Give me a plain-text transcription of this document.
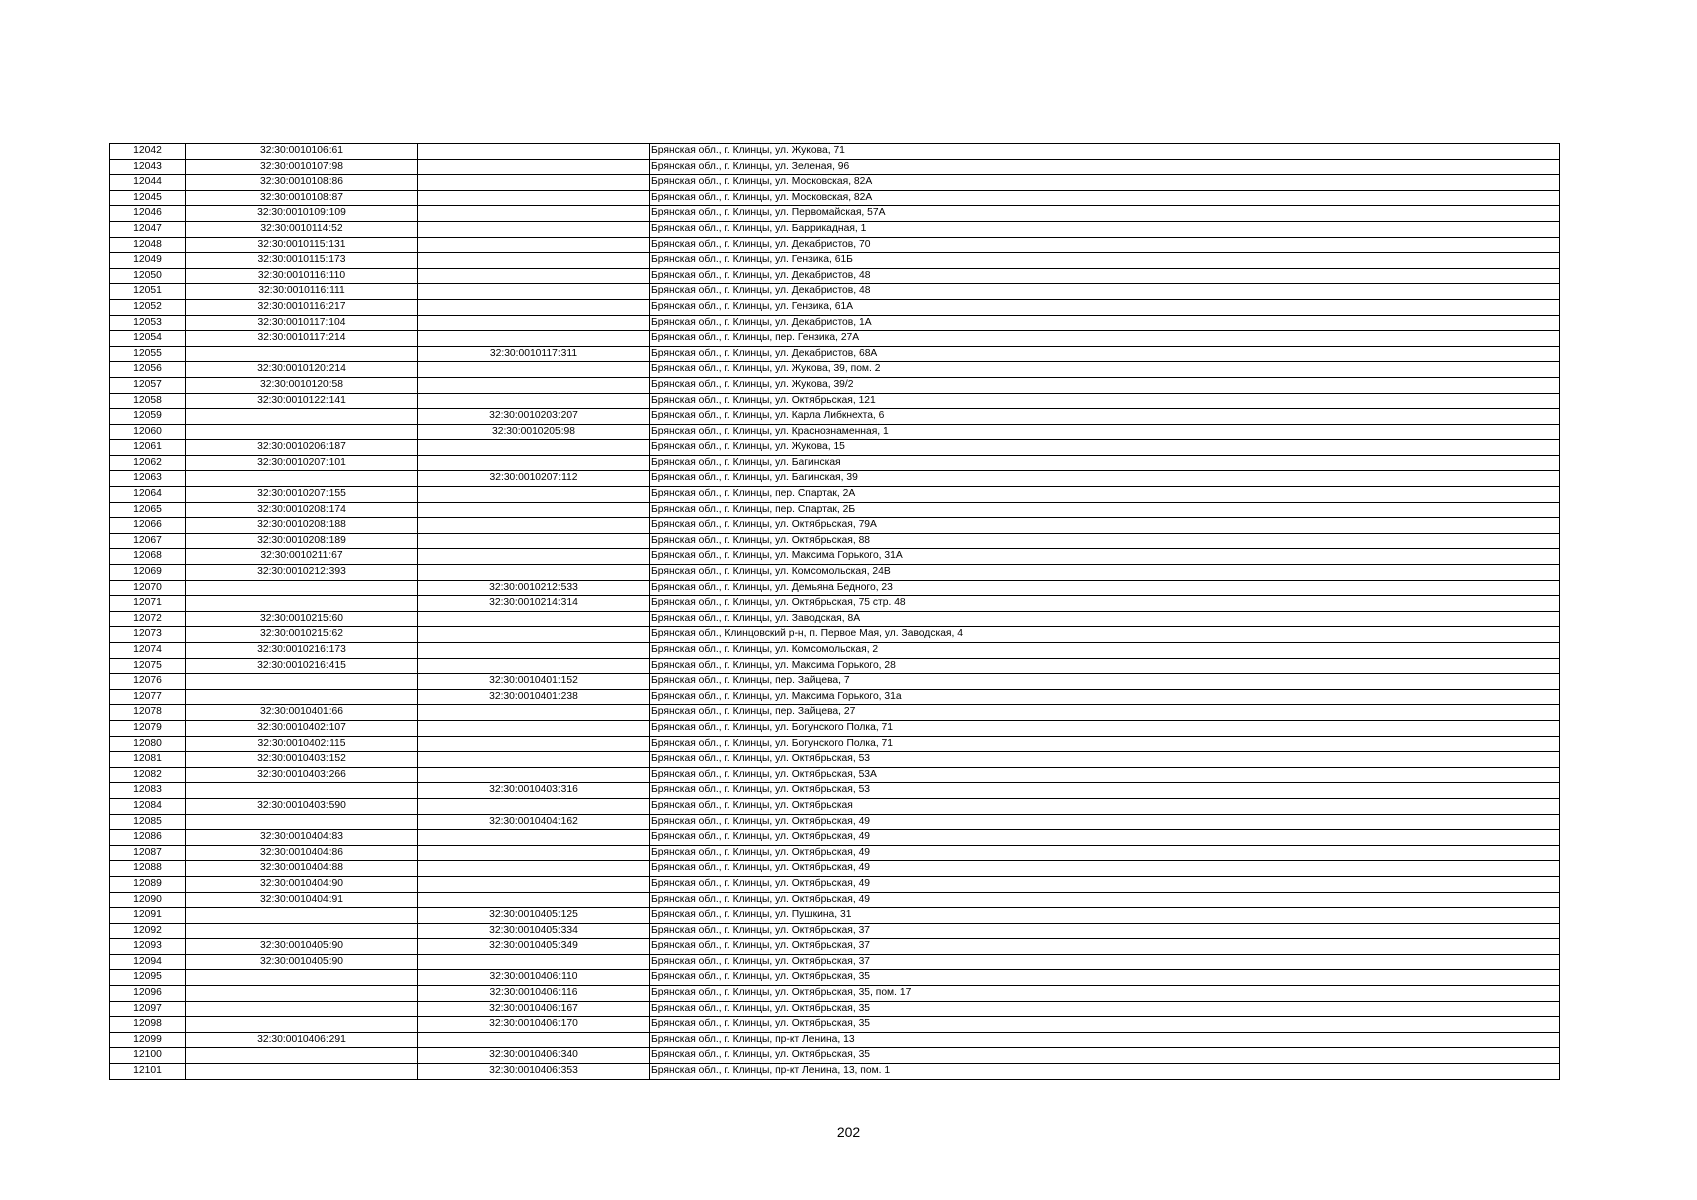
12042	32:30:0010106:61		Брянская обл., г. Клинцы, ул. Жукова, 71
12043	32:30:0010107:98		Брянская обл., г. Клинцы, ул. Зеленая, 96
12044	32:30:0010108:86		Брянская обл., г. Клинцы, ул. Московская, 82А
12045	32:30:0010108:87		Брянская обл., г. Клинцы, ул. Московская, 82А
12046	32:30:0010109:109		Брянская обл., г. Клинцы, ул. Первомайская, 57А
12047	32:30:0010114:52		Брянская обл., г. Клинцы, ул. Баррикадная, 1
12048	32:30:0010115:131		Брянская обл., г. Клинцы, ул. Декабристов, 70
12049	32:30:0010115:173		Брянская обл., г. Клинцы, ул. Гензика, 61Б
12050	32:30:0010116:110		Брянская обл., г. Клинцы, ул. Декабристов, 48
12051	32:30:0010116:111		Брянская обл., г. Клинцы, ул. Декабристов, 48
12052	32:30:0010116:217		Брянская обл., г. Клинцы, ул. Гензика, 61А
12053	32:30:0010117:104		Брянская обл., г. Клинцы, ул. Декабристов, 1А
12054	32:30:0010117:214		Брянская обл., г. Клинцы, пер. Гензика, 27А
12055		32:30:0010117:311	Брянская обл., г. Клинцы, ул. Декабристов, 68А
12056	32:30:0010120:214		Брянская обл., г. Клинцы, ул. Жукова, 39, пом. 2
12057	32:30:0010120:58		Брянская обл., г. Клинцы, ул. Жукова, 39/2
12058	32:30:0010122:141		Брянская обл., г. Клинцы, ул. Октябрьская, 121
12059		32:30:0010203:207	Брянская обл., г. Клинцы, ул. Карла Либкнехта, 6
12060		32:30:0010205:98	Брянская обл., г. Клинцы, ул. Краснознаменная, 1
12061	32:30:0010206:187		Брянская обл., г. Клинцы, ул. Жукова, 15
12062	32:30:0010207:101		Брянская обл., г. Клинцы, ул. Багинская
12063		32:30:0010207:112	Брянская обл., г. Клинцы, ул. Багинская, 39
12064	32:30:0010207:155		Брянская обл., г. Клинцы, пер. Спартак, 2А
12065	32:30:0010208:174		Брянская обл., г. Клинцы, пер. Спартак, 2Б
12066	32:30:0010208:188		Брянская обл., г. Клинцы, ул. Октябрьская, 79А
12067	32:30:0010208:189		Брянская обл., г. Клинцы, ул. Октябрьская, 88
12068	32:30:0010211:67		Брянская обл., г. Клинцы, ул. Максима Горького, 31А
12069	32:30:0010212:393		Брянская обл., г. Клинцы, ул. Комсомольская, 24В
12070		32:30:0010212:533	Брянская обл., г. Клинцы, ул. Демьяна Бедного, 23
12071		32:30:0010214:314	Брянская обл., г. Клинцы, ул. Октябрьская, 75 стр. 48
12072	32:30:0010215:60		Брянская обл., г. Клинцы, ул. Заводская, 8А
12073	32:30:0010215:62		Брянская обл., Клинцовский р-н, п. Первое Мая, ул. Заводская, 4
12074	32:30:0010216:173		Брянская обл., г. Клинцы, ул. Комсомольская, 2
12075	32:30:0010216:415		Брянская обл., г. Клинцы, ул. Максима Горького, 28
12076		32:30:0010401:152	Брянская обл., г. Клинцы, пер. Зайцева, 7
12077		32:30:0010401:238	Брянская обл., г. Клинцы, ул. Максима Горького, 31а
12078	32:30:0010401:66		Брянская обл., г. Клинцы, пер. Зайцева, 27
12079	32:30:0010402:107		Брянская обл., г. Клинцы, ул. Богунского Полка, 71
12080	32:30:0010402:115		Брянская обл., г. Клинцы, ул. Богунского Полка, 71
12081	32:30:0010403:152		Брянская обл., г. Клинцы, ул. Октябрьская, 53
12082	32:30:0010403:266		Брянская обл., г. Клинцы, ул. Октябрьская, 53А
12083		32:30:0010403:316	Брянская обл., г. Клинцы, ул. Октябрьская, 53
12084	32:30:0010403:590		Брянская обл., г. Клинцы, ул. Октябрьская
12085		32:30:0010404:162	Брянская обл., г. Клинцы, ул. Октябрьская, 49
12086	32:30:0010404:83		Брянская обл., г. Клинцы, ул. Октябрьская, 49
12087	32:30:0010404:86		Брянская обл., г. Клинцы, ул. Октябрьская, 49
12088	32:30:0010404:88		Брянская обл., г. Клинцы, ул. Октябрьская, 49
12089	32:30:0010404:90		Брянская обл., г. Клинцы, ул. Октябрьская, 49
12090	32:30:0010404:91		Брянская обл., г. Клинцы, ул. Октябрьская, 49
12091		32:30:0010405:125	Брянская обл., г. Клинцы, ул. Пушкина, 31
12092		32:30:0010405:334	Брянская обл., г. Клинцы, ул. Октябрьская, 37
12093	32:30:0010405:90	32:30:0010405:349	Брянская обл., г. Клинцы, ул. Октябрьская, 37
12094	32:30:0010405:90		Брянская обл., г. Клинцы, ул. Октябрьская, 37
12095		32:30:0010406:110	Брянская обл., г. Клинцы, ул. Октябрьская, 35
12096		32:30:0010406:116	Брянская обл., г. Клинцы, ул. Октябрьская, 35, пом. 17
12097		32:30:0010406:167	Брянская обл., г. Клинцы, ул. Октябрьская, 35
12098		32:30:0010406:170	Брянская обл., г. Клинцы, ул. Октябрьская, 35
12099	32:30:0010406:291		Брянская обл., г. Клинцы, пр-кт Ленина, 13
12100		32:30:0010406:340	Брянская обл., г. Клинцы, ул. Октябрьская, 35
12101		32:30:0010406:353	Брянская обл., г. Клинцы, пр-кт Ленина, 13, пом. 1
202
